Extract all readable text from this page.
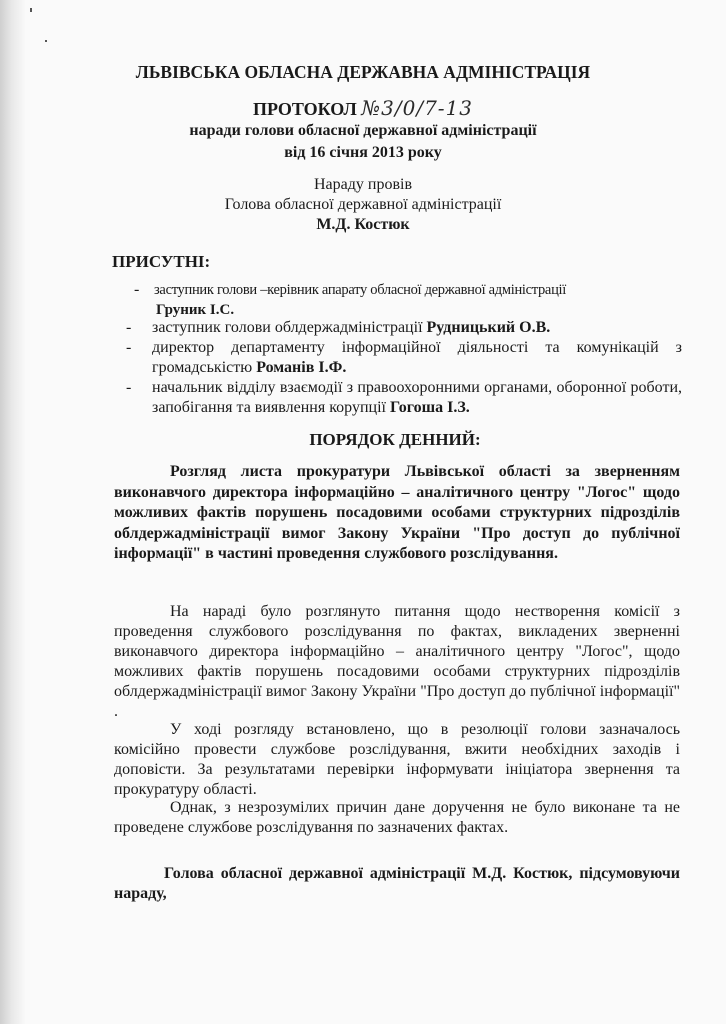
ЛЬВІВСЬКА ОБЛАСНА ДЕРЖАВНА АДМІНІСТРАЦІЯ
ПРОТОКОЛ №3/0/7-13
наради голови обласної державної адміністрації
від 16 січня 2013 року
Нараду провів
Голова обласної державної адміністрації
М.Д. Костюк
ПРИСУТНІ:
- заступник голови –керівник апарату обласної державної адміністрації
Груник І.С.
- заступник голови облдержадміністрації Рудницький О.В.
- директор департаменту інформаційної діяльності та комунікацій з громадськістю Романів І.Ф.
- начальник відділу взаємодії з правоохоронними органами, оборонної роботи, запобігання та виявлення корупції Гогоша І.З.
ПОРЯДОК ДЕННИЙ:
Розгляд листа прокуратури Львівської області за зверненням виконавчого директора інформаційно – аналітичного центру "Логос" щодо можливих фактів порушень посадовими особами структурних підрозділів облдержадміністрації вимог Закону України "Про доступ до публічної інформації" в частині проведення службового розслідування.
На нараді було розглянуто питання щодо нестворення комісії з проведення службового розслідування по фактах, викладених зверненні виконавчого директора інформаційно – аналітичного центру "Логос", щодо можливих фактів порушень посадовими особами структурних підрозділів облдержадміністрації вимог Закону України "Про доступ до публічної інформації" .
У ході розгляду встановлено, що в резолюції голови зазначалось комісійно провести службове розслідування, вжити необхідних заходів і доповісти. За результатами перевірки інформувати ініціатора звернення та прокуратуру області.
Однак, з незрозумілих причин дане доручення не було виконане та не проведене службове розслідування по зазначених фактах.
Голова обласної державної адміністрації М.Д. Костюк, підсумовуючи нараду,
